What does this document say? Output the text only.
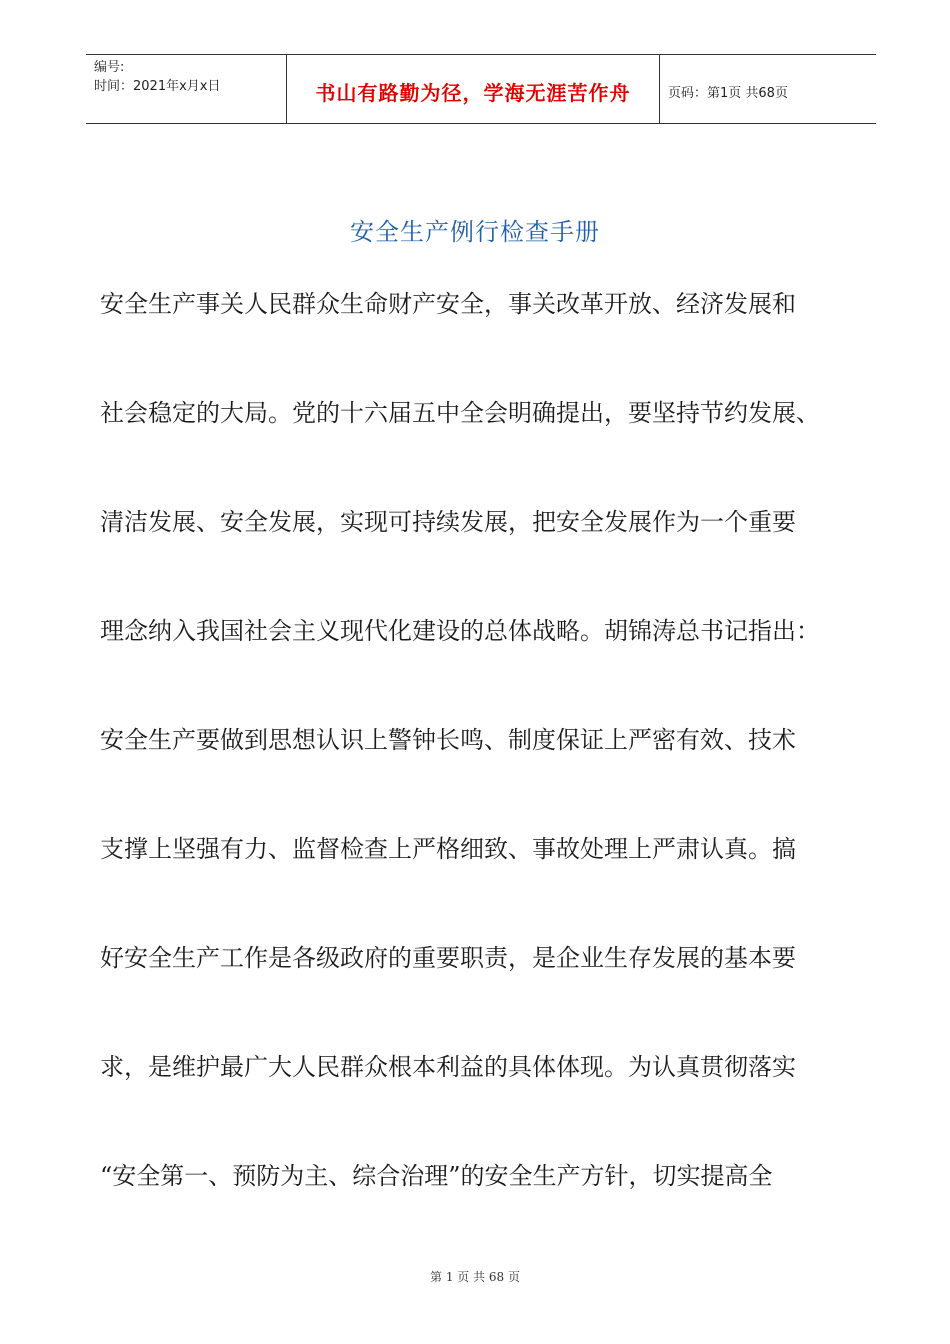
编号:
时间：2021年x月x日	书山有路勤为径，学海无涯苦作舟	页码：第1页 共68页
安全生产例行检查手册
安全生产事关人民群众生命财产安全，事关改革开放、经济发展和
社会稳定的大局。党的十六届五中全会明确提出，要坚持节约发展、
清洁发展、安全发展，实现可持续发展，把安全发展作为一个重要
理念纳入我国社会主义现代化建设的总体战略。胡锦涛总书记指出：
安全生产要做到思想认识上警钟长鸣、制度保证上严密有效、技术
支撑上坚强有力、监督检查上严格细致、事故处理上严肃认真。搞
好安全生产工作是各级政府的重要职责，是企业生存发展的基本要
求，是维护最广大人民群众根本利益的具体体现。为认真贯彻落实
“安全第一、预防为主、综合治理”的安全生产方针，切实提高全
第 1 页 共 68 页
